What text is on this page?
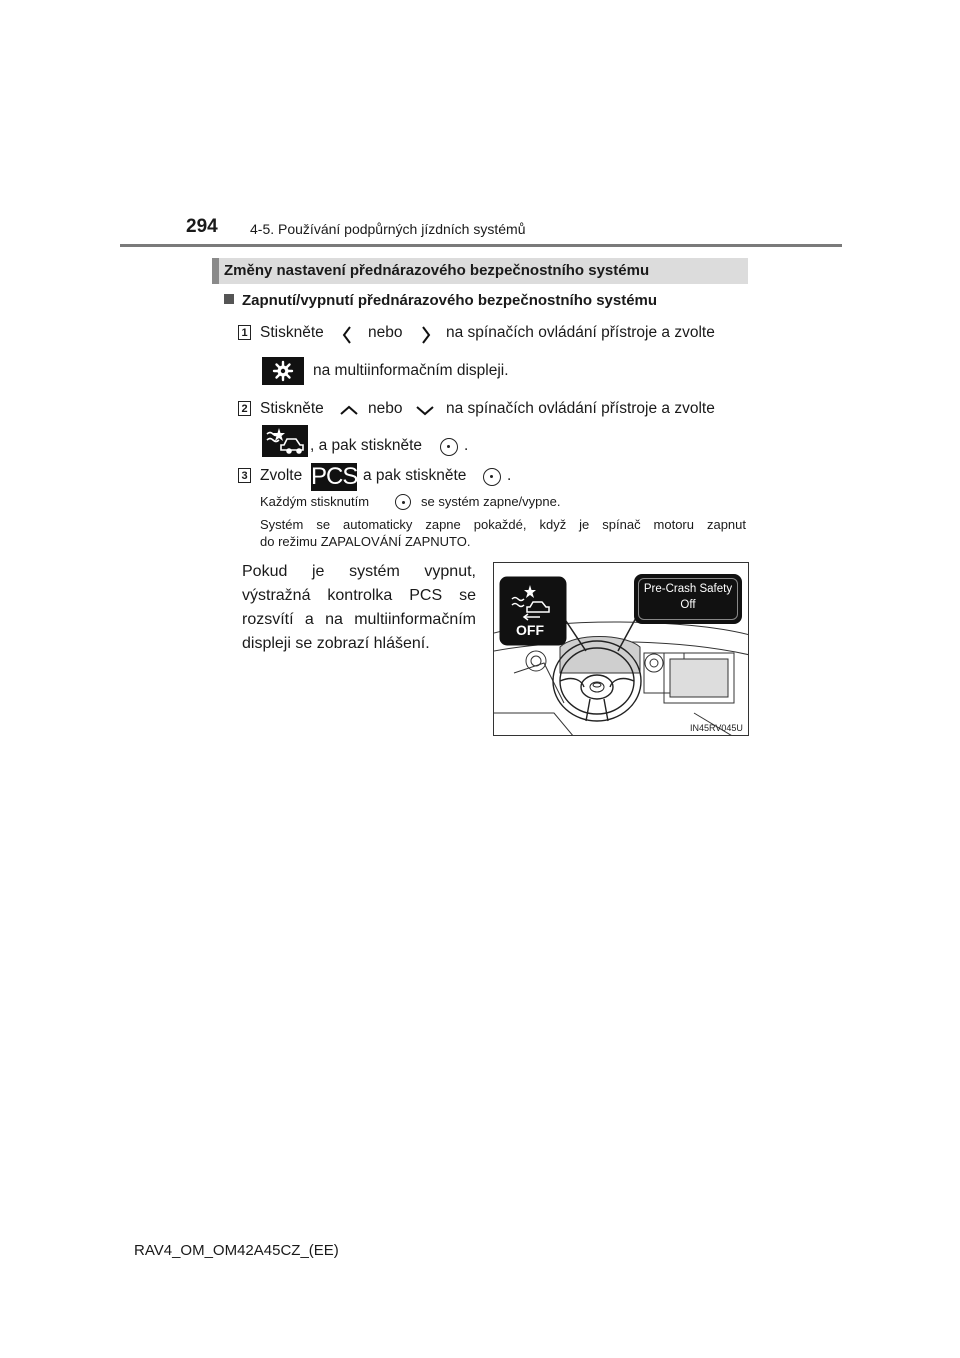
294 4-5. Používání podpůrných jízdních systémů
Změny nastavení přednárazového bezpečnostního systému
Zapnutí/vypnutí přednárazového bezpečnostního systému
1 Stiskněte	nebo	na spínačích ovládání přístroje a zvolte
na multiinformačním displeji.
2 Stiskněte	nebo	na spínačích ovládání přístroje a zvolte
, a pak stiskněte	.
3 Zvolte PCS a pak stiskněte	.
Každým stisknutím	se systém zapne/vypne.
Systém se automaticky zapne pokaždé, když je spínač motoru zapnut
do režimu ZAPALOVÁNÍ ZAPNUTO.
Pokud je systém vypnut, výstražná kontrolka PCS se rozsvítí a na multiinformačním displeji se zobrazí hlášení.
OFF
Pre-Crash Safety
Off
IN45RV045U
RAV4_OM_OM42A45CZ_(EE)
